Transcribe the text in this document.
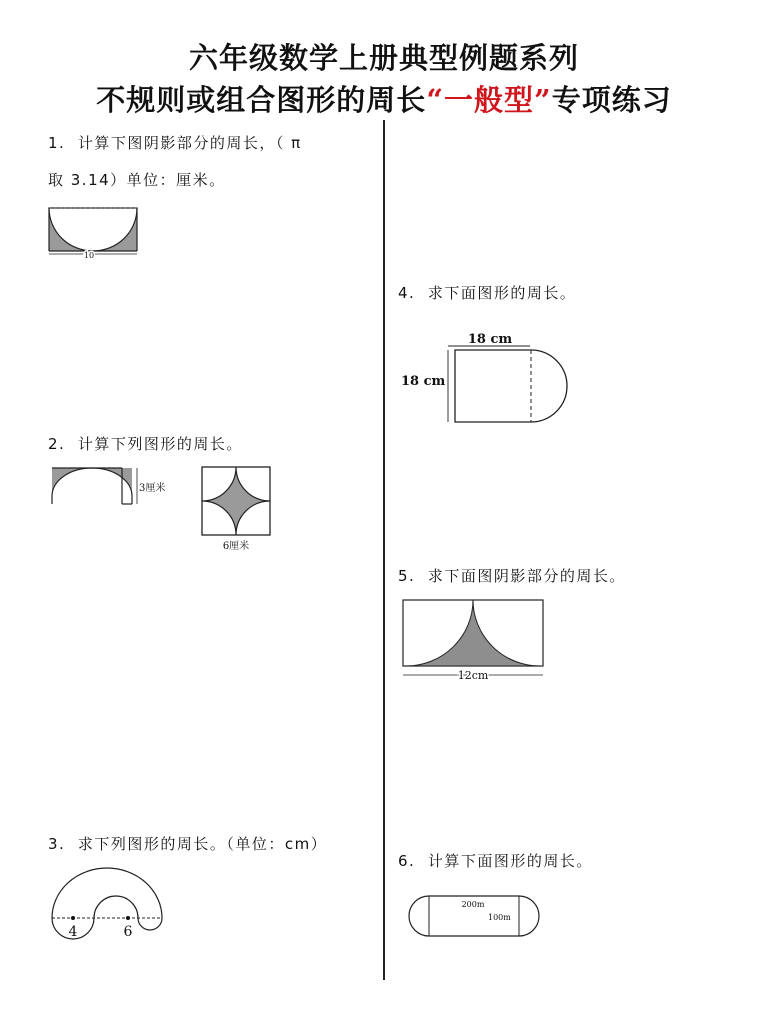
六年级数学上册典型例题系列
不规则或组合图形的周长“一般型”专项练习
1. 计算下图阴影部分的周长，（ π
取 3.14）单位：厘米。
10
2. 计算下列图形的周长。
3厘米
6厘米
3. 求下列图形的周长。（单位：cm）
4	6
4. 求下面图形的周长。
18 cm
18 cm
5. 求下面图阴影部分的周长。
12cm
6. 计算下面图形的周长。
200m
100m
